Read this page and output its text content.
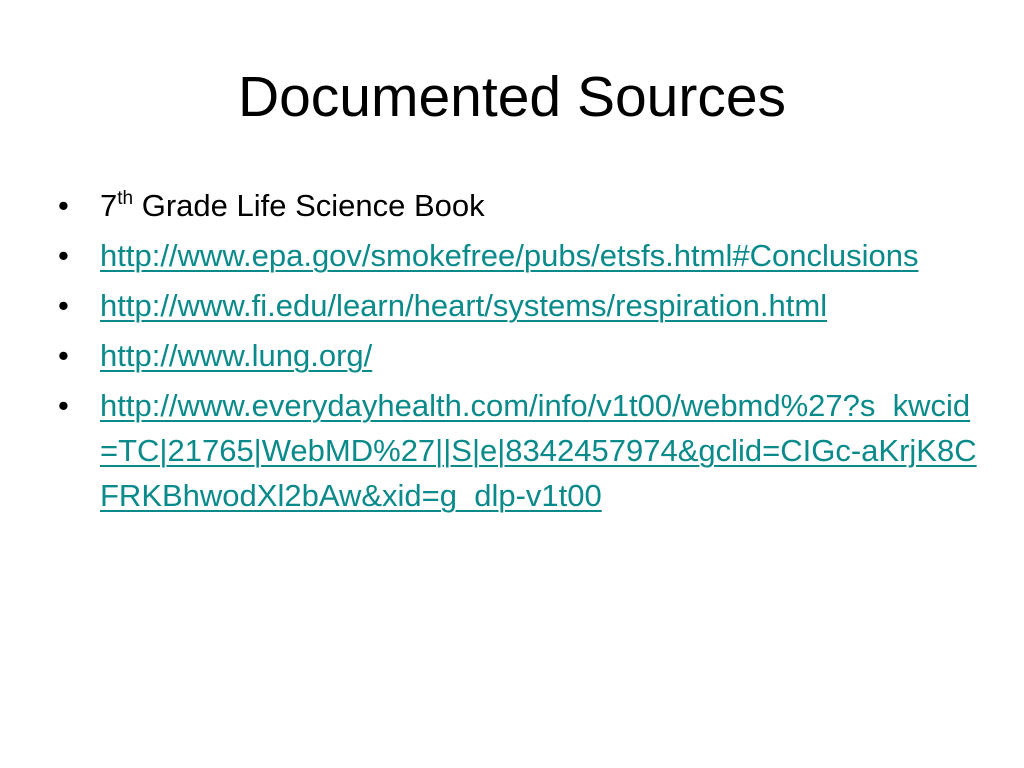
Documented Sources
• 7th Grade Life Science Book
• http://www.epa.gov/smokefree/pubs/etsfs.html#Conclusions
• http://www.fi.edu/learn/heart/systems/respiration.html
• http://www.lung.org/
• http://www.everydayhealth.com/info/v1t00/webmd%27?s_kwcid=TC|21765|WebMD%27||S|e|8342457974&gclid=CIGc-aKrjK8CFRKBhwodXl2bAw&xid=g_dlp-v1t00
